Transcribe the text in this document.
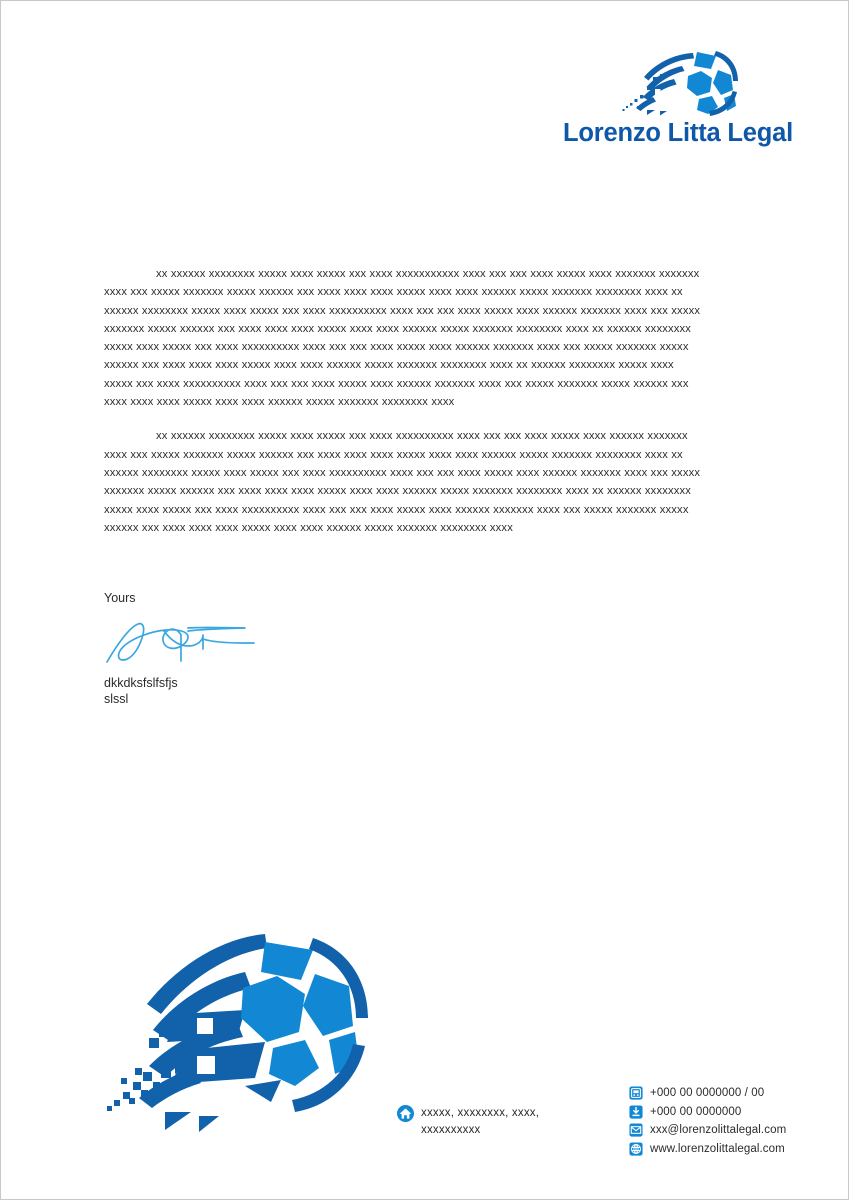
Lorenzo Litta Legal

xx xxxxxx xxxxxxxx xxxxx xxxx xxxxx xxx xxxx xxxxxxxxxxx xxxx xxx xxx xxxx xxxxx xxxx xxxxxxx xxxxxxx
xxxx xxx xxxxx xxxxxxx xxxxx xxxxxx xxx xxxx xxxx xxxx xxxxx xxxx xxxx xxxxxx xxxxx xxxxxxx xxxxxxxx xxxx xx
xxxxxx xxxxxxxx xxxxx xxxx xxxxx xxx xxxx xxxxxxxxxx xxxx xxx xxx xxxx xxxxx xxxx xxxxxx xxxxxxx xxxx xxx xxxxx
xxxxxxx xxxxx xxxxxx xxx xxxx xxxx xxxx xxxxx xxxx xxxx xxxxxx xxxxx xxxxxxx xxxxxxxx xxxx xx xxxxxx xxxxxxxx
xxxxx xxxx xxxxx xxx xxxx xxxxxxxxxx xxxx xxx xxx xxxx xxxxx xxxx xxxxxx xxxxxxx xxxx xxx xxxxx xxxxxxx xxxxx
xxxxxx xxx xxxx xxxx xxxx xxxxx xxxx xxxx xxxxxx xxxxx xxxxxxx xxxxxxxx xxxx xx xxxxxx xxxxxxxx xxxxx xxxx
xxxxx xxx xxxx xxxxxxxxxx xxxx xxx xxx xxxx xxxxx xxxx xxxxxx xxxxxxx xxxx xxx xxxxx xxxxxxx xxxxx xxxxxx xxx
xxxx xxxx xxxx xxxxx xxxx xxxx xxxxxx xxxxx xxxxxxx xxxxxxxx xxxx

xx xxxxxx xxxxxxxx xxxxx xxxx xxxxx xxx xxxx xxxxxxxxxx xxxx xxx xxx xxxx xxxxx xxxx xxxxxx xxxxxxx
xxxx xxx xxxxx xxxxxxx xxxxx xxxxxx xxx xxxx xxxx xxxx xxxxx xxxx xxxx xxxxxx xxxxx xxxxxxx xxxxxxxx xxxx xx
xxxxxx xxxxxxxx xxxxx xxxx xxxxx xxx xxxx xxxxxxxxxx xxxx xxx xxx xxxx xxxxx xxxx xxxxxx xxxxxxx xxxx xxx xxxxx
xxxxxxx xxxxx xxxxxx xxx xxxx xxxx xxxx xxxxx xxxx xxxx xxxxxx xxxxx xxxxxxx xxxxxxxx xxxx xx xxxxxx xxxxxxxx
xxxxx xxxx xxxxx xxx xxxx xxxxxxxxxx xxxx xxx xxx xxxx xxxxx xxxx xxxxxx xxxxxxx xxxx xxx xxxxx xxxxxxx xxxxx
xxxxxx xxx xxxx xxxx xxxx xxxxx xxxx xxxx xxxxxx xxxxx xxxxxxx xxxxxxxx xxxx

Yours
dkkdksfslfsfjs
slssl
xxxxx, xxxxxxxx, xxxx,
xxxxxxxxxx
+000 00 0000000 / 00
+000 00 0000000
xxx@lorenzolittalegal.com
www.lorenzolittalegal.com
